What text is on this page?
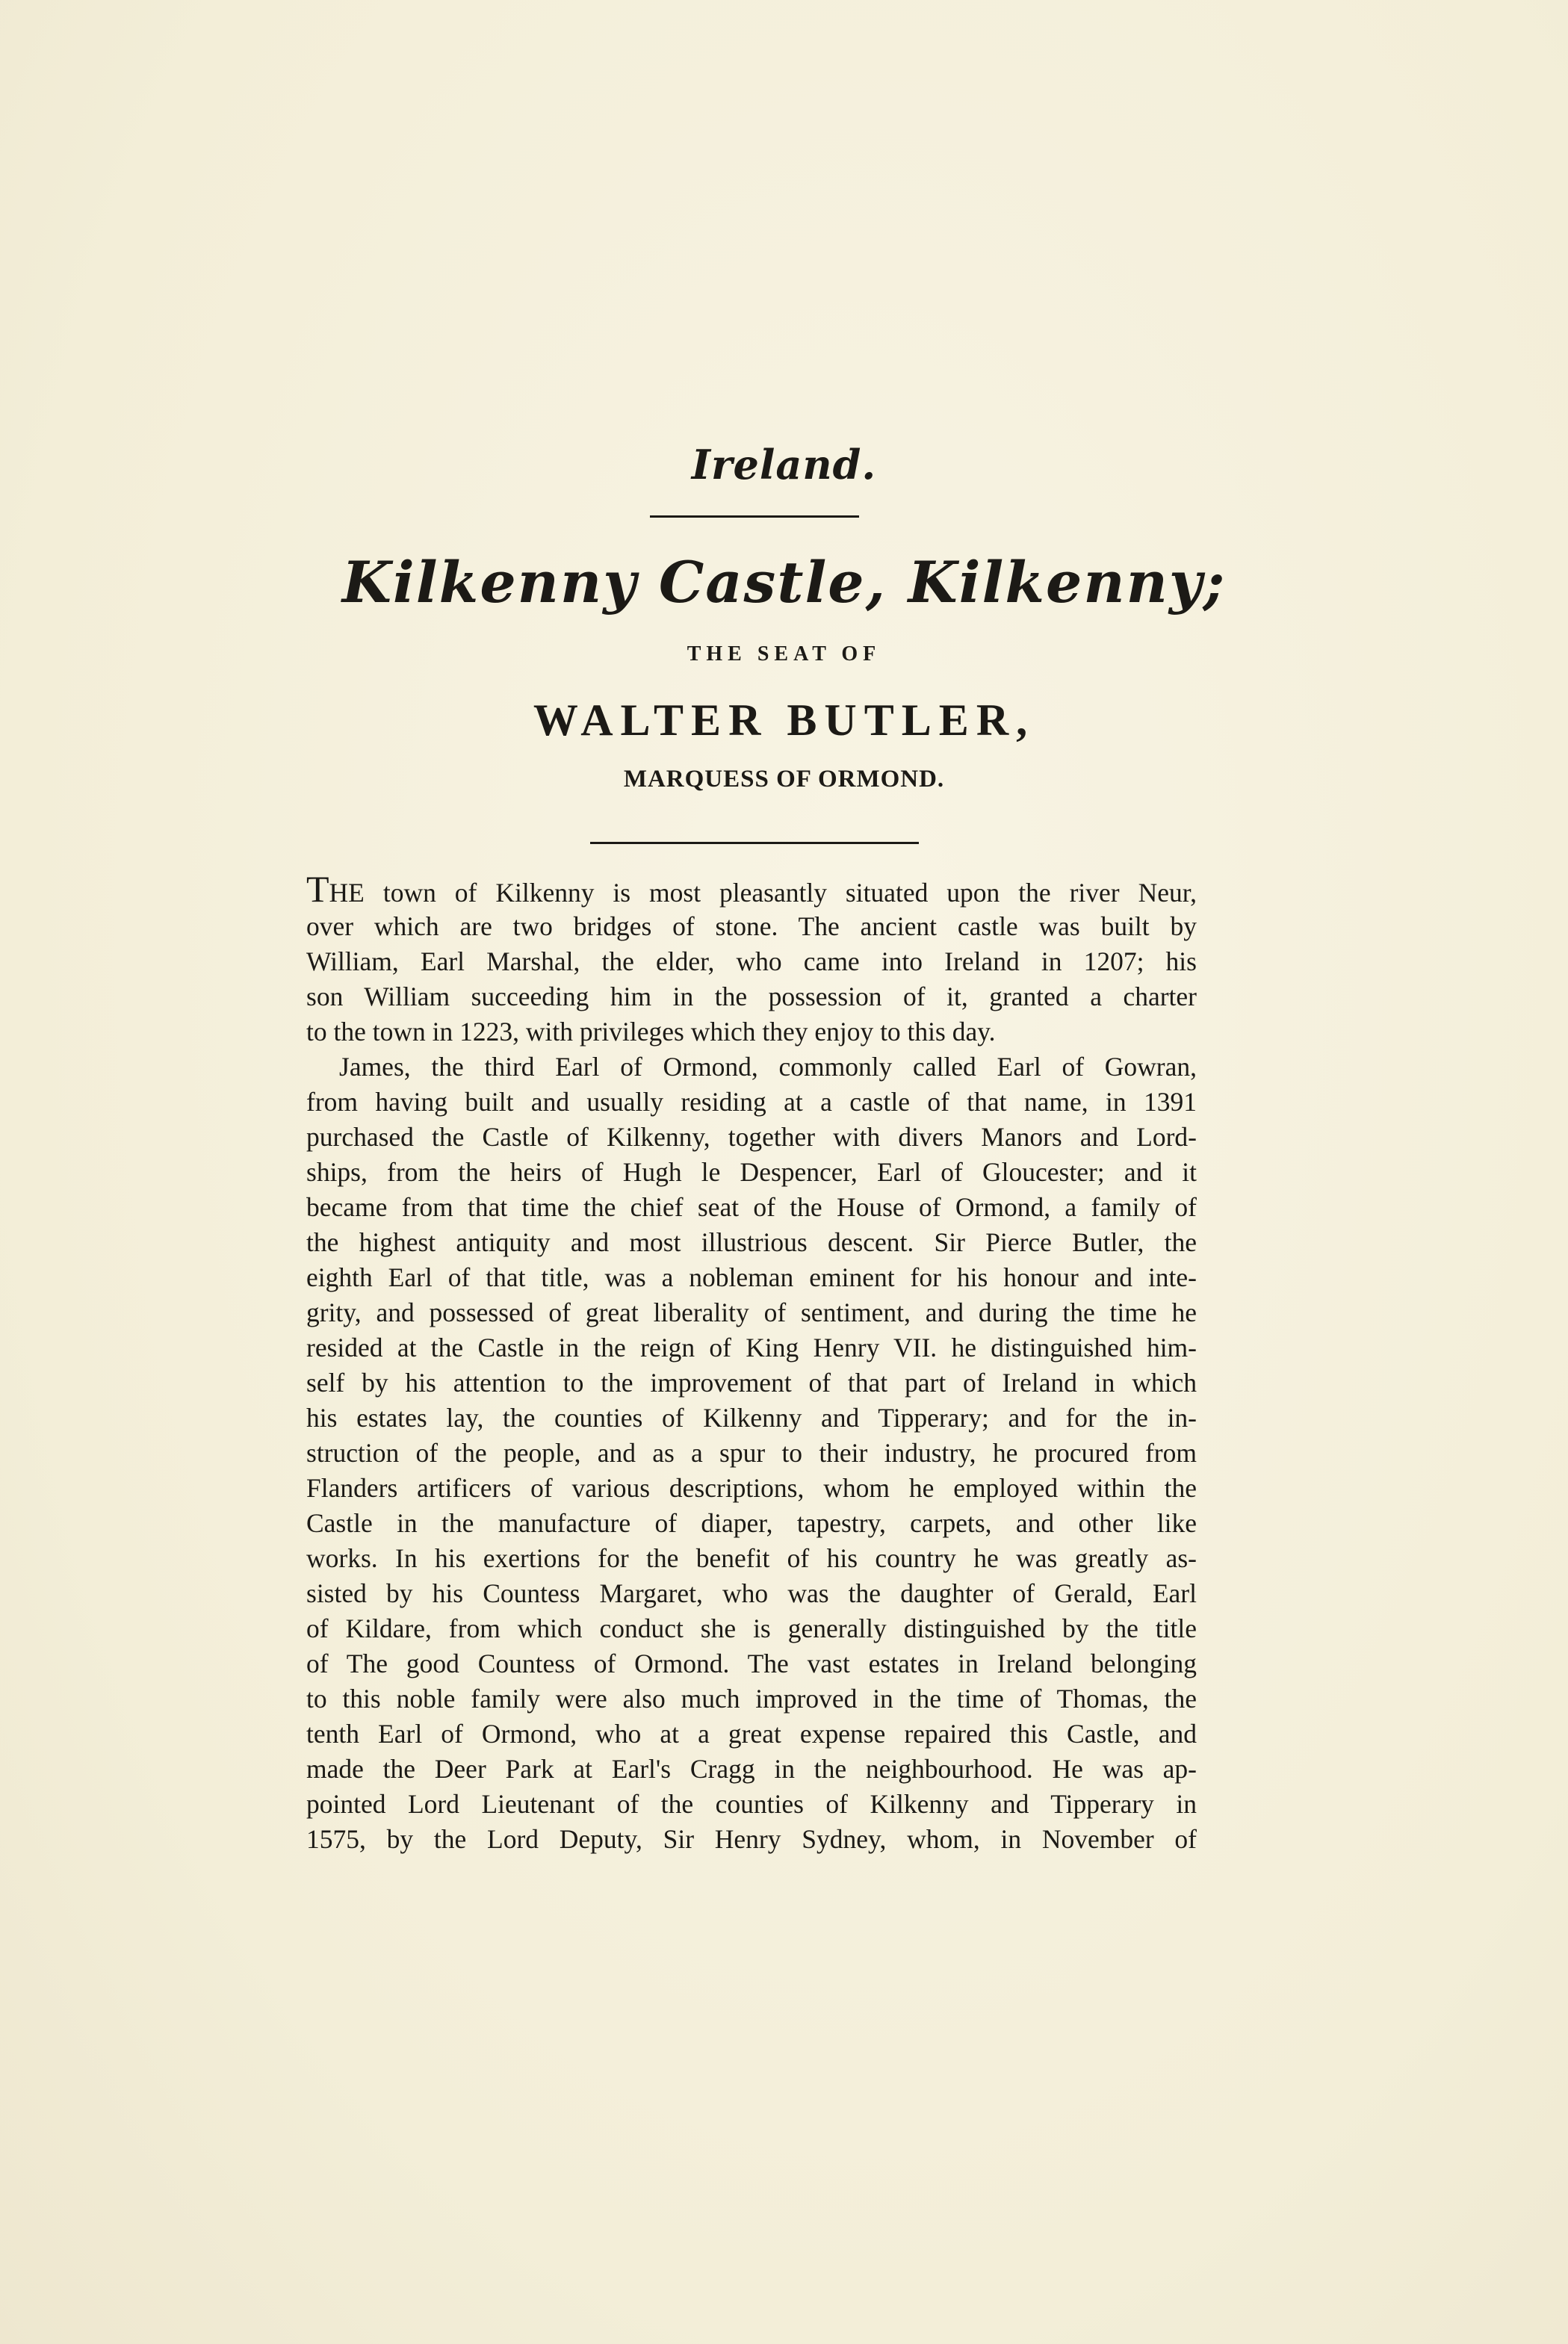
Ireland.
Kilkenny Castle, Kilkenny;
THE SEAT OF
WALTER BUTLER,
MARQUESS OF ORMOND.
THE town of Kilkenny is most pleasantly situated upon the river Neur,
over which are two bridges of stone. The ancient castle was built by
William, Earl Marshal, the elder, who came into Ireland in 1207; his
son William succeeding him in the possession of it, granted a charter
to the town in 1223, with privileges which they enjoy to this day.
James, the third Earl of Ormond, commonly called Earl of Gowran,
from having built and usually residing at a castle of that name, in 1391
purchased the Castle of Kilkenny, together with divers Manors and Lord-
ships, from the heirs of Hugh le Despencer, Earl of Gloucester; and it
became from that time the chief seat of the House of Ormond, a family of
the highest antiquity and most illustrious descent. Sir Pierce Butler, the
eighth Earl of that title, was a nobleman eminent for his honour and inte-
grity, and possessed of great liberality of sentiment, and during the time he
resided at the Castle in the reign of King Henry VII. he distinguished him-
self by his attention to the improvement of that part of Ireland in which
his estates lay, the counties of Kilkenny and Tipperary; and for the in-
struction of the people, and as a spur to their industry, he procured from
Flanders artificers of various descriptions, whom he employed within the
Castle in the manufacture of diaper, tapestry, carpets, and other like
works. In his exertions for the benefit of his country he was greatly as-
sisted by his Countess Margaret, who was the daughter of Gerald, Earl
of Kildare, from which conduct she is generally distinguished by the title
of The good Countess of Ormond. The vast estates in Ireland belonging
to this noble family were also much improved in the time of Thomas, the
tenth Earl of Ormond, who at a great expense repaired this Castle, and
made the Deer Park at Earl's Cragg in the neighbourhood. He was ap-
pointed Lord Lieutenant of the counties of Kilkenny and Tipperary in
1575, by the Lord Deputy, Sir Henry Sydney, whom, in November of
